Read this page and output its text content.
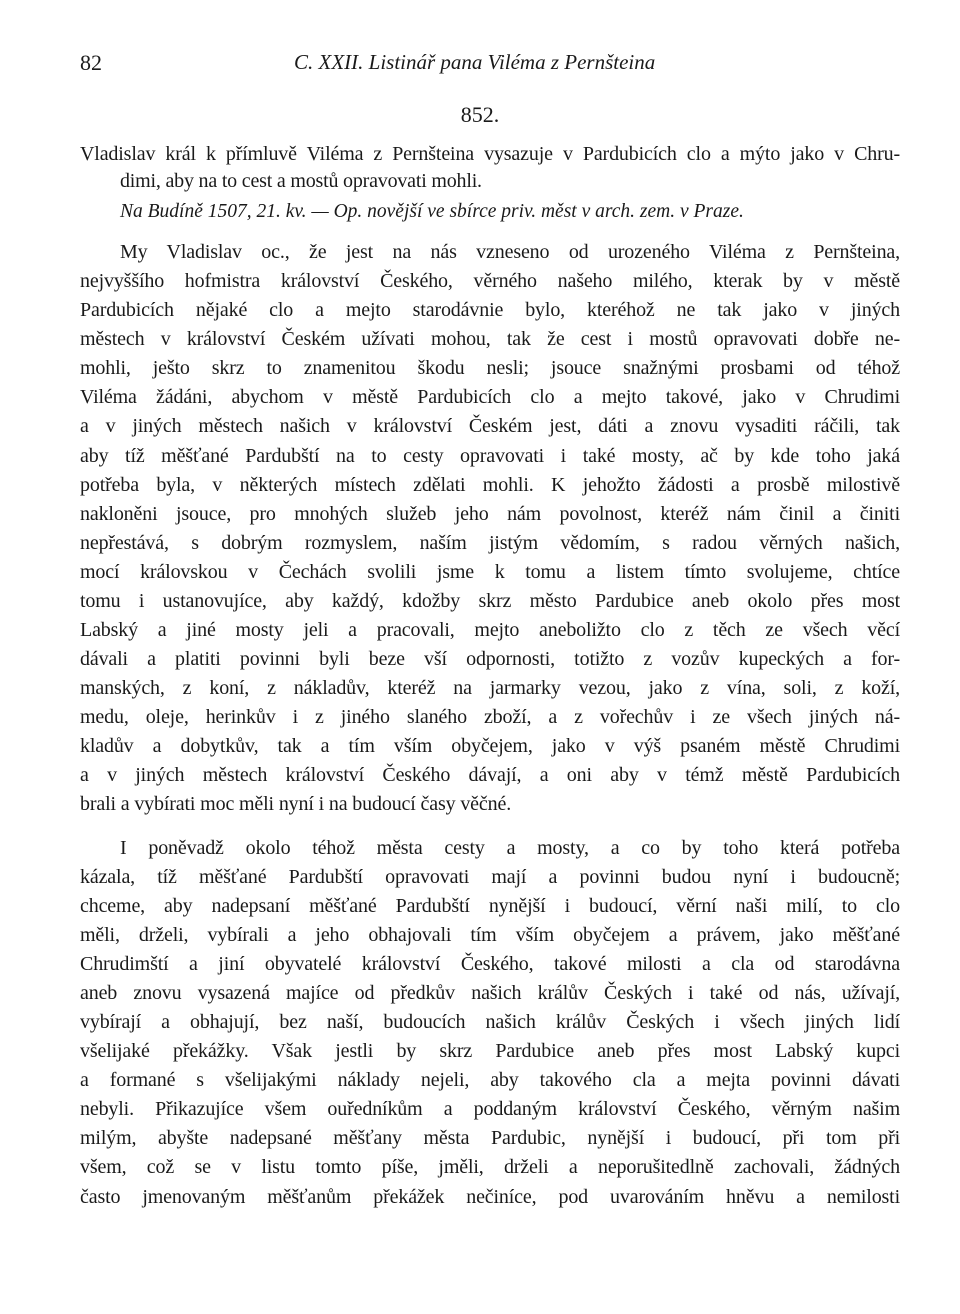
82	C. XXII. Listinář pana Viléma z Pernšteina
852.
Vladislav král k přímluvě Viléma z Pernšteina vysazuje v Pardubicích clo a mýto jako v Chru-
dimi, aby na to cest a mostů opravovati mohli.
Na Budíně 1507, 21. kv. — Op. novější ve sbírce priv. měst v arch. zem. v Praze.
My Vladislav oc., že jest na nás vzneseno od urozeného Viléma z Pernšteina,
nejvyššího hofmistra království Českého, věrného našeho milého, kterak by v městě
Pardubicích nějaké clo a mejto starodávnie bylo, kteréhož ne tak jako v jiných
městech v království Českém užívati mohou, tak že cest i mostů opravovati dobře ne-
mohli, ješto skrz to znamenitou škodu nesli; jsouce snažnými prosbami od téhož
Viléma žádáni, abychom v městě Pardubicích clo a mejto takové, jako v Chrudimi
a v jiných městech našich v království Českém jest, dáti a znovu vysaditi ráčili, tak
aby tíž měšťané Pardubští na to cesty opravovati i také mosty, ač by kde toho jaká
potřeba byla, v některých místech zdělati mohli. K jehožto žádosti a prosbě milostivě
nakloněni jsouce, pro mnohých služeb jeho nám povolnost, kteréž nám činil a činiti
nepřestává, s dobrým rozmyslem, naším jistým vědomím, s radou věrných našich,
mocí královskou v Čechách svolili jsme k tomu a listem tímto svolujeme, chtíce
tomu i ustanovujíce, aby každý, kdožby skrz město Pardubice aneb okolo přes most
Labský a jiné mosty jeli a pracovali, mejto aneboližto clo z těch ze všech věcí
dávali a platiti povinni byli beze vší odpornosti, totižto z vozův kupeckých a for-
manských, z koní, z nákladův, kteréž na jarmarky vezou, jako z vína, soli, z koží,
medu, oleje, herinkův i z jiného slaného zboží, a z vořechův i ze všech jiných ná-
kladův a dobytkův, tak a tím vším obyčejem, jako v výš psaném městě Chrudimi
a v jiných městech království Českého dávají, a oni aby v témž městě Pardubicích
brali a vybírati moc měli nyní i na budoucí časy věčné.
I poněvadž okolo téhož města cesty a mosty, a co by toho která potřeba
kázala, tíž měšťané Pardubští opravovati mají a povinni budou nyní i budoucně;
chceme, aby nadepsaní měšťané Pardubští nynější i budoucí, věrní naši milí, to clo
měli, drželi, vybírali a jeho obhajovali tím vším obyčejem a právem, jako měšťané
Chrudimští a jiní obyvatelé království Českého, takové milosti a cla od starodávna
aneb znovu vysazená majíce od předkův našich králův Českých i také od nás, užívají,
vybírají a obhajují, bez naší, budoucích našich králův Českých i všech jiných lidí
všelijaké překážky. Však jestli by skrz Pardubice aneb přes most Labský kupci
a formané s všelijakými náklady nejeli, aby takového cla a mejta povinni dávati
nebyli. Přikazujíce všem ouředníkům a poddaným království Českého, věrným našim
milým, abyšte nadepsané měšťany města Pardubic, nynější i budoucí, při tom při
všem, což se v listu tomto píše, jměli, drželi a neporušitedlně zachovali, žádných
často jmenovaným měšťanům překážek nečiníce, pod uvarováním hněvu a nemilosti
